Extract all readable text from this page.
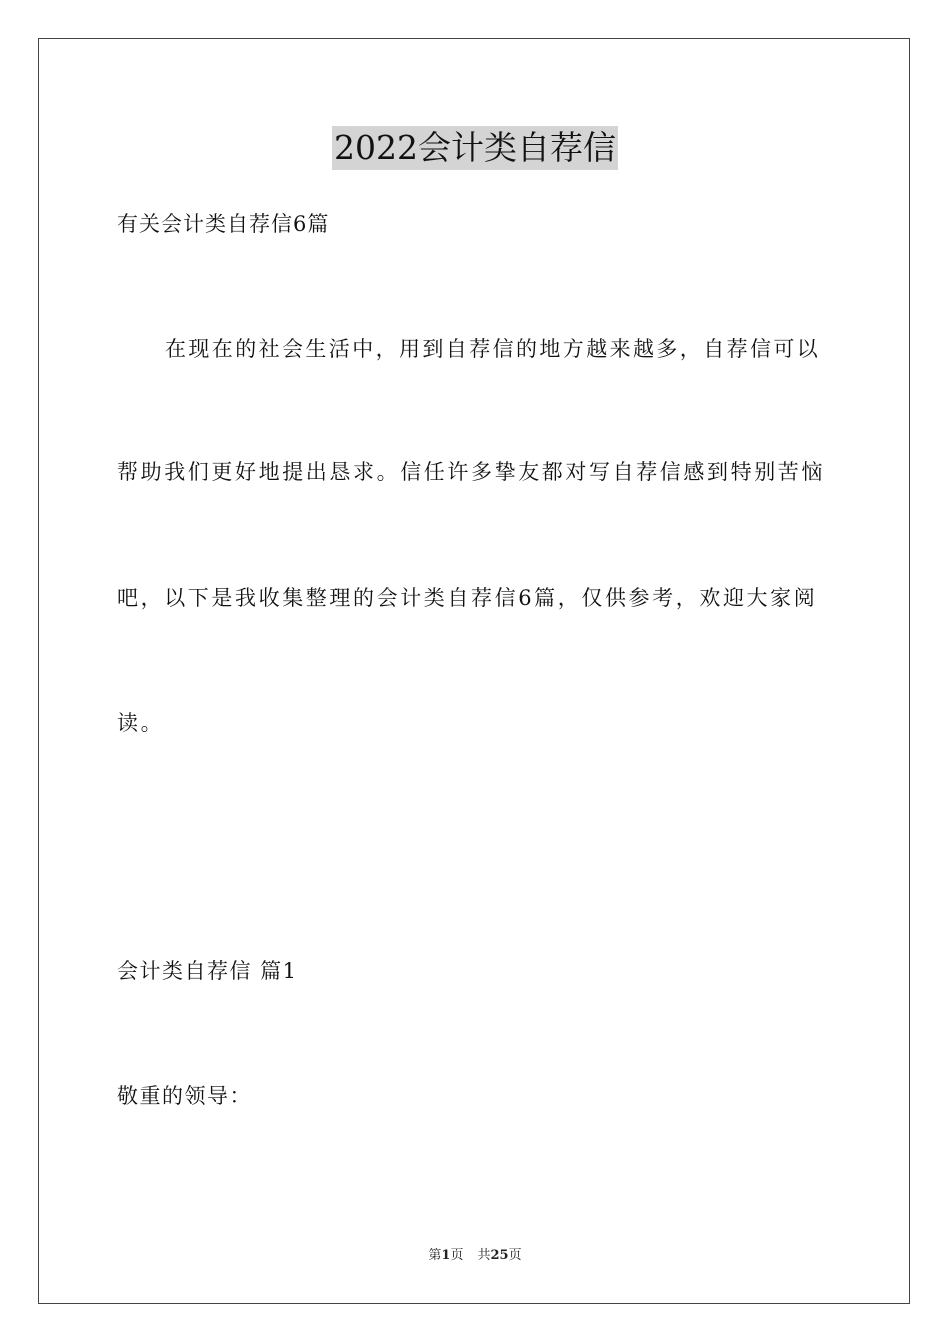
2022会计类自荐信
有关会计类自荐信6篇
在现在的社会生活中，用到自荐信的地方越来越多，自荐信可以
帮助我们更好地提出恳求。信任许多挚友都对写自荐信感到特别苦恼
吧，以下是我收集整理的会计类自荐信6篇，仅供参考，欢迎大家阅
读。
会计类自荐信 篇1
敬重的领导：
第1页 共25页
